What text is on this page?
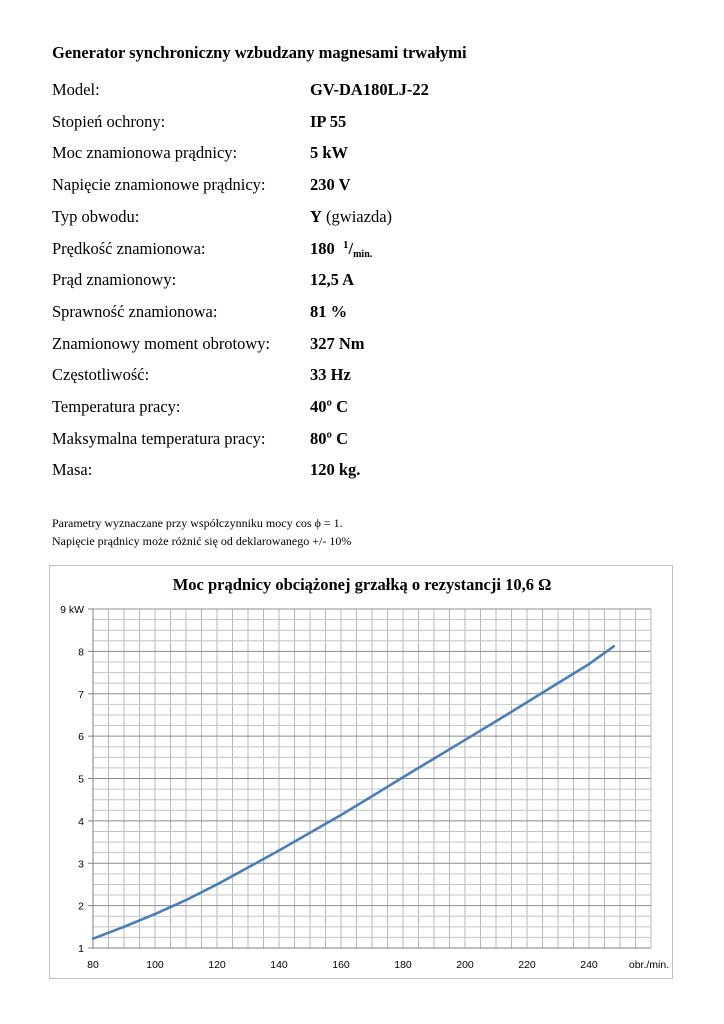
Generator synchroniczny wzbudzany magnesami trwałymi
Model:	GV-DA180LJ-22
Stopień ochrony:	IP 55
Moc znamionowa prądnicy:	5 kW
Napięcie znamionowe prądnicy:	230 V
Typ obwodu:	Y (gwiazda)
Prędkość znamionowa:	180 $^1$/min.
Prąd znamionowy:	12,5 A
Sprawność znamionowa:	81 %
Znamionowy moment obrotowy: 327 Nm
Częstotliwość:	33 Hz
Temperatura pracy:	40º C
Maksymalna temperatura pracy:	80º C
Masa:	120 kg.
Parametry wyznaczane przy współczynniku mocy cos ϕ = 1.
Napięcie prądnicy może różnić się od deklarowanego +/- 10%
Moc prądnicy obciążonej grzałką o rezystancji 10,6 Ω
1
2
3
4
5
6
7
8
9 kW
80	100	120	140	160	180	200	220	240	obr./min.
